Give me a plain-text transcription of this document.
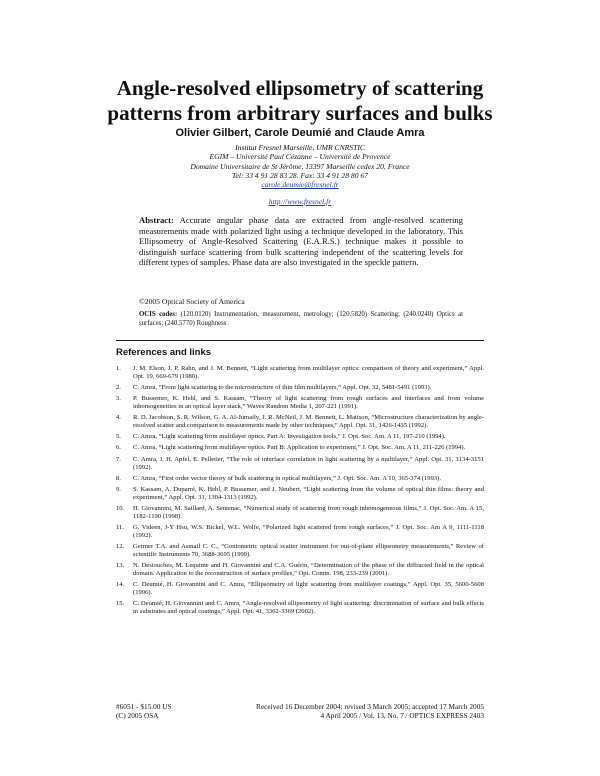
Angle-resolved ellipsometry of scattering
patterns from arbitrary surfaces and bulks

Olivier Gilbert, Carole Deumié and Claude Amra

Institut Fresnel Marseille, UMR CNRSTIC
EGIM – Université Paul Cézanne – Université de Provence
Domaine Universitaire de St Jérôme, 13397 Marseille cedex 20, France
Tel: 33 4 91 28 83 28. Fax: 33 4 91 28 80 67
carole.deumie@fresnel.fr

http://www.fresnel.fr

Abstract: Accurate angular phase data are extracted from angle-resolved scattering measurements made with polarized light using a technique developed in the laboratory. This Ellipsometry of Angle-Resolved Scattering (E.A.R.S.) technique makes it possible to distinguish surface scattering from bulk scattering independent of the scattering levels for different types of samples. Phase data are also investigated in the speckle pattern.

©2005 Optical Society of America

OCIS codes: (120.0120) Instrumentation, measurement, metrology; (120.5820) Scattering; (240.0240) Optics at surfaces; (240.5770) Roughness

References and links

1. J. M. Elson, J. P. Rahn, and J. M. Bennett, “Light scattering from multilayer optics: comparison of theory and experiment,” Appl. Opt. 19, 669-679 (1980).
2. C. Amra, “From light scattering to the microstructure of thin film multilayers,” Appl. Opt. 32, 5481-5491 (1993).
3. P. Bussemer, K. Hehl, and S. Kassam, “Theory of light scattering from rough surfaces and interfaces and from volume inhomogeneities in an optical layer stack,” Waves Random Media 1, 207-221 (1991).
4. R. D. Jacobson, S. R. Wilson, G. A. Al-Jumaily, J. R. McNeil, J. M. Bennett, L. Mattson, “Microstructure characterization by angle-resolved scatter and comparison to measurements made by other techniques,” Appl. Opt. 31, 1426-1435 (1992).
5. C. Amra, “Light scattering from multilayer optics. Part A: Investigation tools,” J. Opt. Soc. Am. A 11, 197-210 (1994).
6. C. Amra, “Light scattering from multilayer optics. Part B: Application to experiment,” J. Opt. Soc. Am. A 11, 211-226 (1994).
7. C. Amra, J. H. Apfel, E. Pelletier, “The role of interface correlation in light scattering by a multilayer,” Appl. Opt. 31, 3134-3151 (1992).
8. C. Amra, “First order vector theory of bulk scattering in optical multilayers,” J. Opt. Soc. Am. A 10, 365-374 (1993).
9. S. Kassam, A. Duparré, K. Hehl, P. Bussemer, and J. Neubert, “Light scattering from the volume of optical thin films: theory and experiment,” Appl. Opt. 31, 1304-1313 (1992).
10. H. Giovannini, M. Saillard, A. Sentenac, “Numerical study of scattering from rough inhomogeneous films,” J. Opt. Soc. Am. A 15, 1182-1190 (1998).
11. G. Videen, J-Y Hsu, W.S. Bickel, W.L. Wolfe, “Polarized light scattered from rough surfaces,” J. Opt. Soc. Am A 9, 1111-1118 (1992).
12. Germer T.A. and Asmail C. C., “Goniometric optical scatter instrument for out-of-plane ellipsometry measurements,” Review of scientific Instruments 70, 3688-3695 (1999).
13. N. Destouches, M. Lequime and H. Giovannini and C.A. Guérin, “Determination of the phase of the diffracted field in the optical domain. Application to the reconstruction of surface profiles,” Opt. Comm. 198, 233-239 (2001).
14. C. Deumié, H. Giovannini and C. Amra, “Ellipsometry of light scattering from multilayer coatings,” Appl. Opt. 35, 5600-5608 (1996).
15. C. Deumié, H. Giovannini and C. Amra, “Angle-resolved ellipsometry of light scattering: discrimination of surface and bulk effects in substrates and optical coatings,” Appl. Opt. 41, 3362-3369 (2002).
#6051 - $15.00 US	Received 16 December 2004; revised 3 March 2005; accepted 17 March 2005
(C) 2005 OSA	4 April 2005 / Vol. 13, No. 7 / OPTICS EXPRESS 2403
